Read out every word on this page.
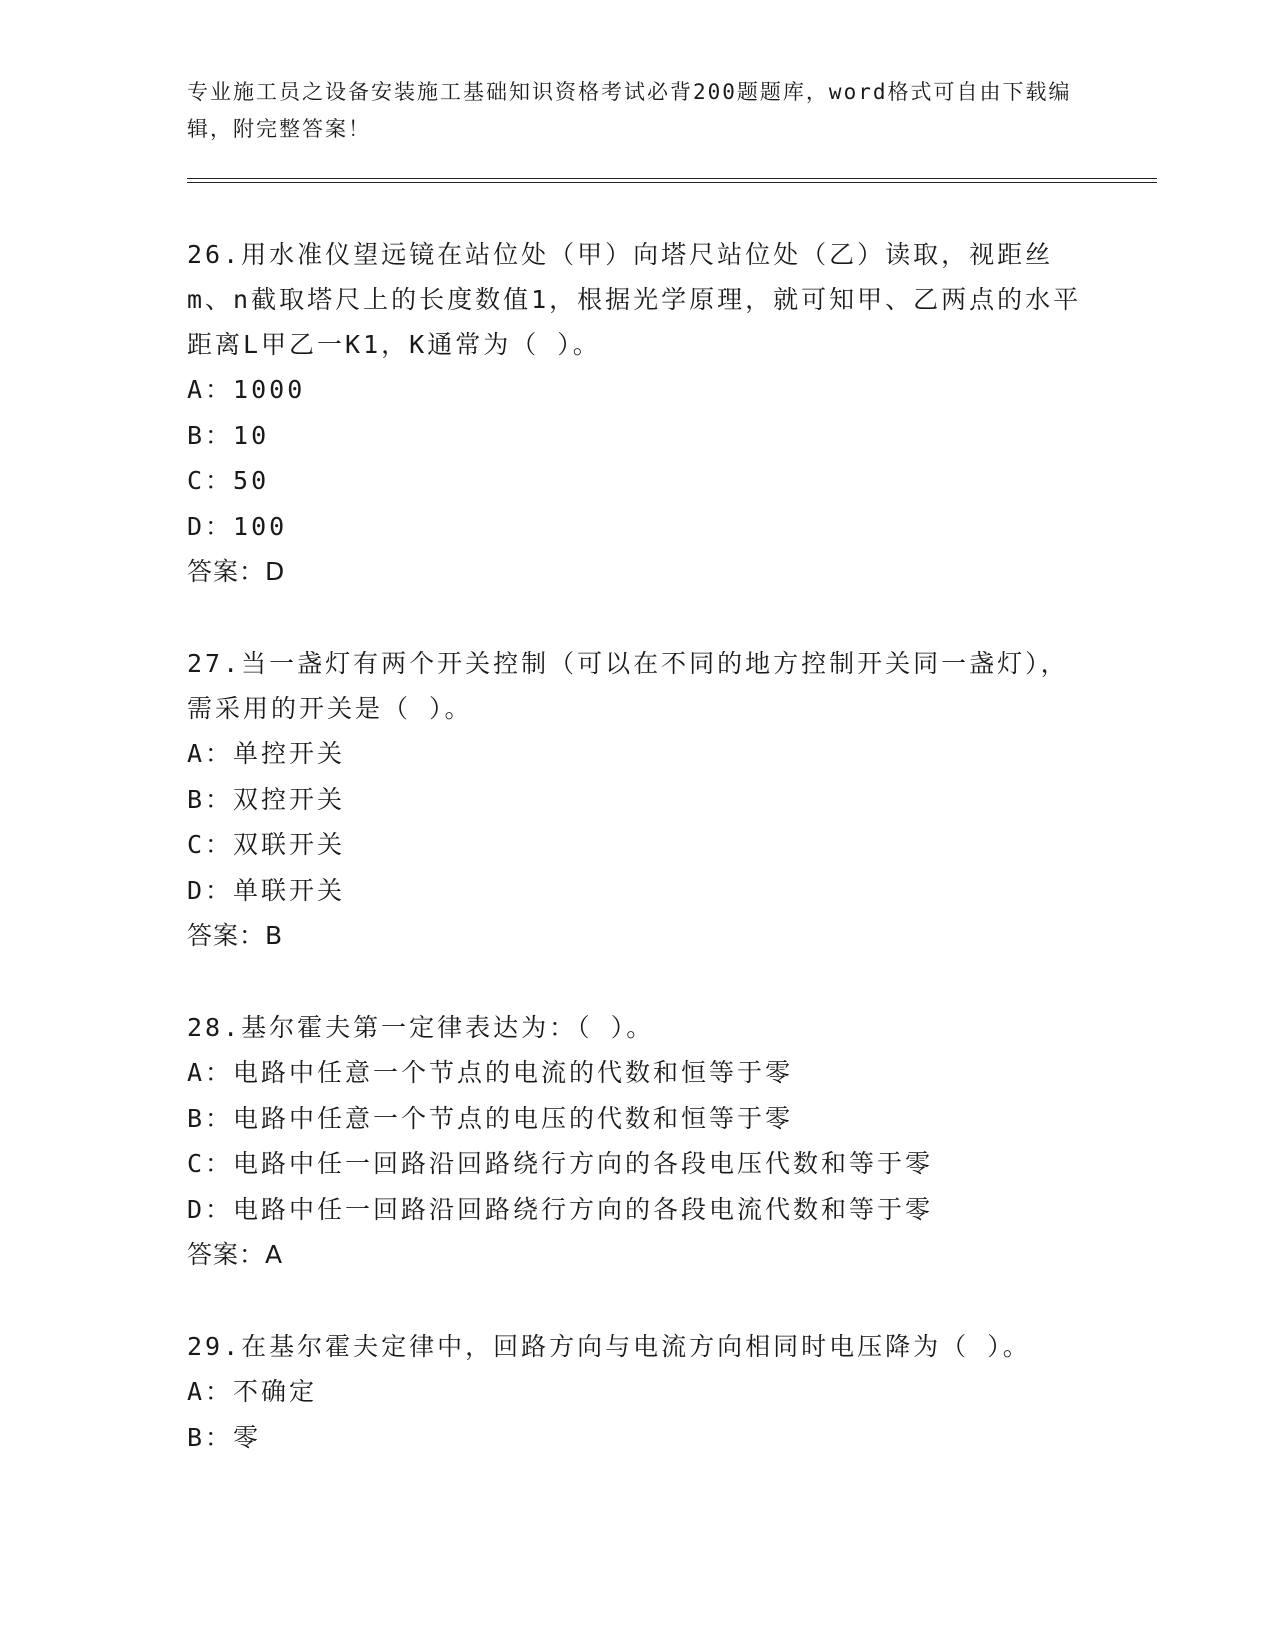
专业施工员之设备安装施工基础知识资格考试必背200题题库，word格式可自由下载编辑，附完整答案！

26.用水准仪望远镜在站位处（甲）向塔尺站位处（乙）读取，视距丝m、n截取塔尺上的长度数值1，根据光学原理，就可知甲、乙两点的水平距离L甲乙一K1，K通常为（ ）。

A：1000

B：10

C：50

D：100

答案：D

27.当一盏灯有两个开关控制（可以在不同的地方控制开关同一盏灯），需采用的开关是（ ）。

A：单控开关

B：双控开关

C：双联开关

D：单联开关

答案：B

28.基尔霍夫第一定律表达为：（ ）。

A：电路中任意一个节点的电流的代数和恒等于零

B：电路中任意一个节点的电压的代数和恒等于零

C：电路中任一回路沿回路绕行方向的各段电压代数和等于零

D：电路中任一回路沿回路绕行方向的各段电流代数和等于零

答案：A

29.在基尔霍夫定律中，回路方向与电流方向相同时电压降为（ ）。

A：不确定

B：零
